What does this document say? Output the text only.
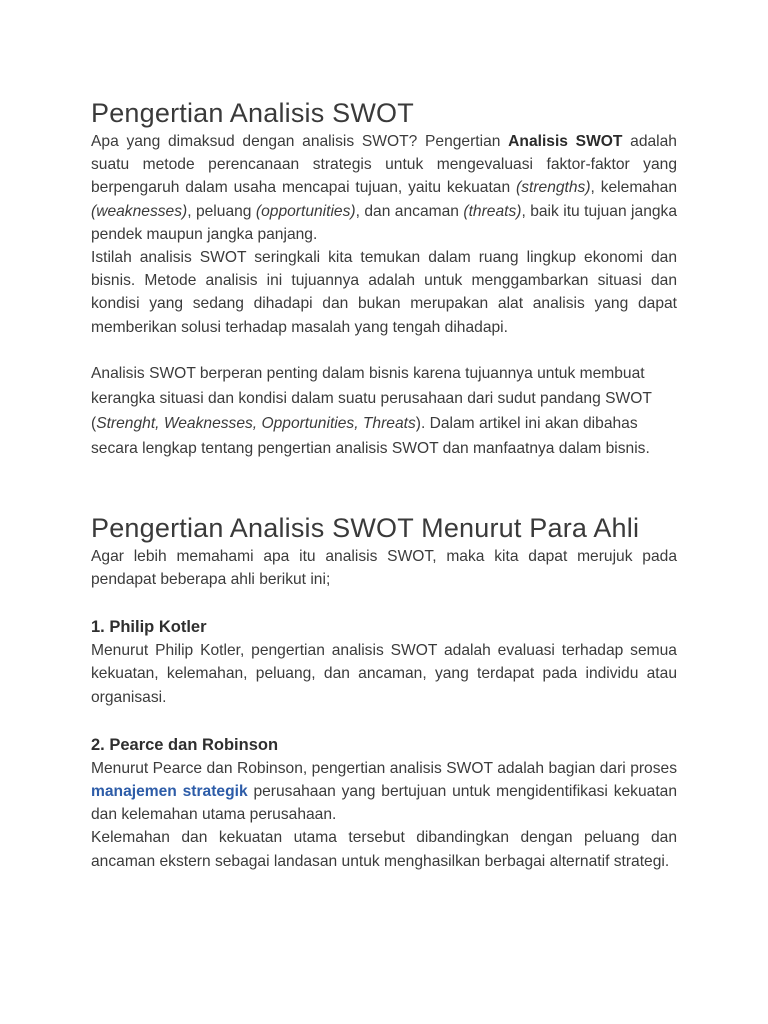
Pengertian Analisis SWOT

Apa yang dimaksud dengan analisis SWOT? Pengertian Analisis SWOT adalah suatu metode perencanaan strategis untuk mengevaluasi faktor-faktor yang berpengaruh dalam usaha mencapai tujuan, yaitu kekuatan (strengths), kelemahan (weaknesses), peluang (opportunities), dan ancaman (threats), baik itu tujuan jangka pendek maupun jangka panjang.

Istilah analisis SWOT seringkali kita temukan dalam ruang lingkup ekonomi dan bisnis. Metode analisis ini tujuannya adalah untuk menggambarkan situasi dan kondisi yang sedang dihadapi dan bukan merupakan alat analisis yang dapat memberikan solusi terhadap masalah yang tengah dihadapi.

Analisis SWOT berperan penting dalam bisnis karena tujuannya untuk membuat kerangka situasi dan kondisi dalam suatu perusahaan dari sudut pandang SWOT (Strenght, Weaknesses, Opportunities, Threats). Dalam artikel ini akan dibahas secara lengkap tentang pengertian analisis SWOT dan manfaatnya dalam bisnis.

Pengertian Analisis SWOT Menurut Para Ahli

Agar lebih memahami apa itu analisis SWOT, maka kita dapat merujuk pada pendapat beberapa ahli berikut ini;

1. Philip Kotler

Menurut Philip Kotler, pengertian analisis SWOT adalah evaluasi terhadap semua kekuatan, kelemahan, peluang, dan ancaman, yang terdapat pada individu atau organisasi.

2. Pearce dan Robinson

Menurut Pearce dan Robinson, pengertian analisis SWOT adalah bagian dari proses manajemen strategik perusahaan yang bertujuan untuk mengidentifikasi kekuatan dan kelemahan utama perusahaan.

Kelemahan dan kekuatan utama tersebut dibandingkan dengan peluang dan ancaman ekstern sebagai landasan untuk menghasilkan berbagai alternatif strategi.
